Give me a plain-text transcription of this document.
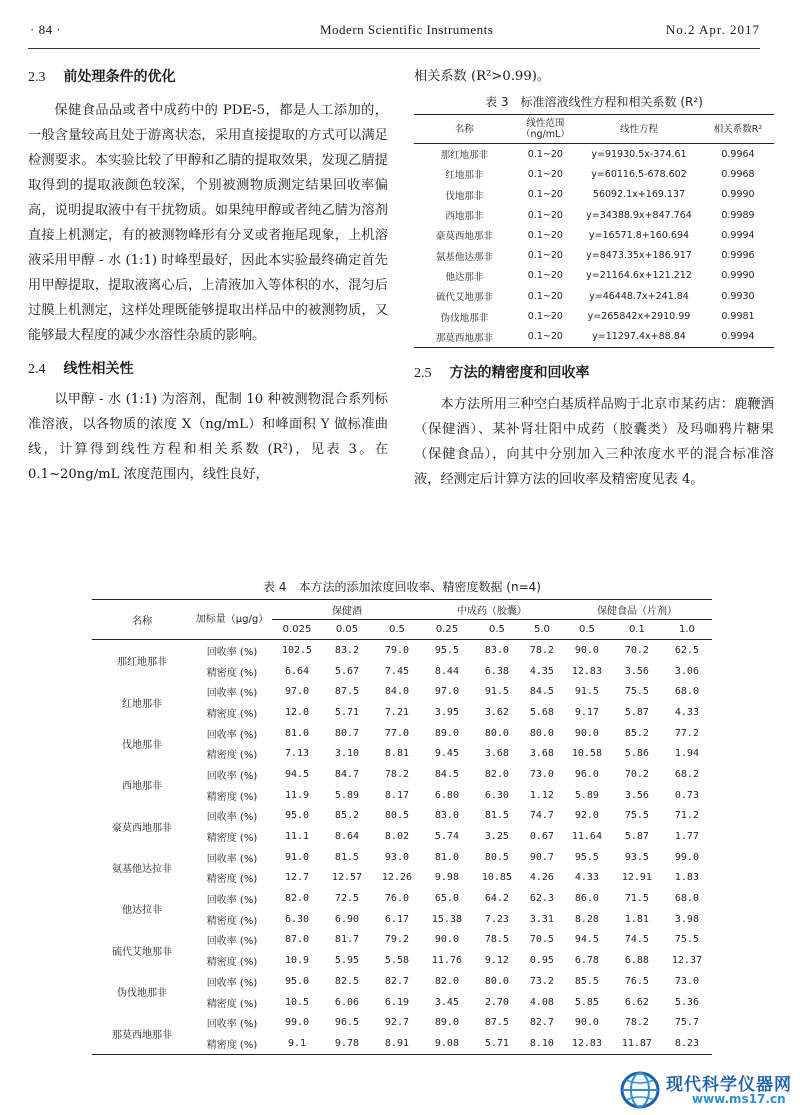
· 84 ·	Modern Scientific Instruments	No.2 Apr. 2017
2.3 前处理条件的优化

保健食品品或者中成药中的 PDE-5，都是人工添加的，一般含量较高且处于游离状态，采用直接提取的方式可以满足检测要求。本实验比较了甲醇和乙腈的提取效果，发现乙腈提取得到的提取液颜色较深，个别被测物质测定结果回收率偏高，说明提取液中有干扰物质。如果纯甲醇或者纯乙腈为溶剂直接上机测定，有的被测物峰形有分叉或者拖尾现象，上机溶液采用甲醇 - 水 (1:1) 时峰型最好，因此本实验最终确定首先用甲醇提取，提取液离心后，上清液加入等体积的水，混匀后过膜上机测定，这样处理既能够提取出样品中的被测物质，又能够最大程度的减少水溶性杂质的影响。

2.4 线性相关性

以甲醇 - 水 (1:1) 为溶剂，配制 10 种被测物混合系列标准溶液，以各物质的浓度 X（ng/mL）和峰面积 Y 做标准曲线，计算得到线性方程和相关系数 (R²)，见表 3。在 0.1~20ng/mL 浓度范围内，线性良好，

相关系数 (R²>0.99)。

表 3　标准溶液线性方程和相关系数 (R²)
名称	线性范围（ng/mL）	线性方程	相关系数R²
那红地那非	0.1~20	y=91930.5x-374.61	0.9964
红地那非	0.1~20	y=60116.5-678.602	0.9968
伐地那非	0.1~20	56092.1x+169.137	0.9990
西地那非	0.1~20	y=34388.9x+847.764	0.9989
豪莫西地那非	0.1~20	y=16571.8+160.694	0.9994
氨基他达那非	0.1~20	y=8473.35x+186.917	0.9996
他达那非	0.1~20	y=21164.6x+121.212	0.9990
硫代艾地那非	0.1~20	y=46448.7x+241.84	0.9930
伪伐地那非	0.1~20	y=265842x+2910.99	0.9981
那莫西地那非	0.1~20	y=11297.4x+88.84	0.9994
2.5 方法的精密度和回收率

本方法所用三种空白基质样品购于北京市某药店：鹿鞭酒（保健酒）、某补肾壮阳中成药（胶囊类）及玛咖鸦片糖果（保健食品），向其中分别加入三种浓度水平的混合标准溶液，经测定后计算方法的回收率及精密度见表 4。

表 4　本方法的添加浓度回收率、精密度数据 (n=4)
名称	加标量（μg/g）	保健酒			中成药（胶囊）			保健食品（片剂）		
		0.025	0.05	0.5	0.25	0.5	5.0	0.5	0.1	1.0
那红地那非	回收率 (%)	102.5	83.2	79.0	95.5	83.0	78.2	90.0	70.2	62.5
	精密度 (%)	6.64	5.67	7.45	8.44	6.38	4.35	12.83	3.56	3.06
红地那非	回收率 (%)	97.0	87.5	84.0	97.0	91.5	84.5	91.5	75.5	68.0
	精密度 (%)	12.0	5.71	7.21	3.95	3.62	5.68	9.17	5.87	4.33
伐地那非	回收率 (%)	81.0	80.7	77.0	89.0	80.0	80.0	90.0	85.2	77.2
	精密度 (%)	7.13	3.10	8.81	9.45	3.68	3.68	10.58	5.86	1.94
西地那非	回收率 (%)	94.5	84.7	78.2	84.5	82.0	73.0	96.0	70.2	68.2
	精密度 (%)	11.9	5.89	8.17	6.80	6.30	1.12	5.89	3.56	0.73
豪莫西地那非	回收率 (%)	95.0	85.2	80.5	83.0	81.5	74.7	92.0	75.5	71.2
	精密度 (%)	11.1	8.64	8.02	5.74	3.25	0.67	11.64	5.87	1.77
氨基他达拉非	回收率 (%)	91.0	81.5	93.0	81.0	80.5	90.7	95.5	93.5	99.0
	精密度 (%)	12.7	12.57	12.26	9.98	10.85	4.26	4.33	12.91	1.83
他达拉非	回收率 (%)	82.0	72.5	76.0	65.0	64.2	62.3	86.0	71.5	68.0
	精密度 (%)	6.30	6.90	6.17	15.38	7.23	3.31	8.28	1.81	3.98
硫代艾地那非	回收率 (%)	87.0	81.7	79.2	90.0	78.5	70.5	94.5	74.5	75.5
	精密度 (%)	10.9	5.95	5.58	11.76	9.12	0.95	6.78	6.88	12.37
伪伐地那非	回收率 (%)	95.0	82.5	82.7	82.0	80.0	73.2	85.5	76.5	73.0
	精密度 (%)	10.5	6.06	6.19	3.45	2.70	4.08	5.85	6.62	5.36
那莫西地那非	回收率 (%)	99.0	96.5	92.7	89.0	87.5	82.7	90.0	78.2	75.7
	精密度 (%)	9.1	9.78	8.91	9.08	5.71	8.10	12.83	11.87	8.23
现代科学仪器网
www.ms17.cn
